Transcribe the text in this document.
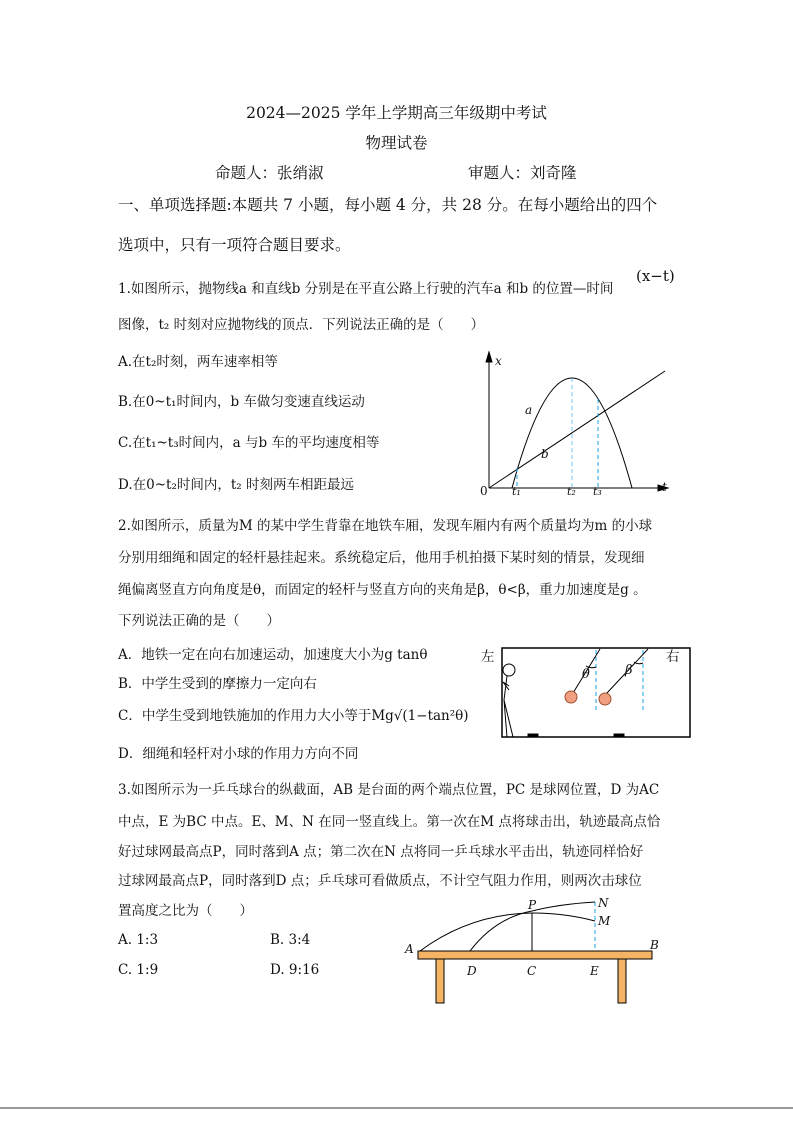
2024—2025 学年上学期高三年级期中考试
物理试卷
命题人：张绡淑	审题人：刘奇隆
一、单项选择题:本题共 7 小题，每小题 4 分，共 28 分。在每小题给出的四个
选项中，只有一项符合题目要求。
1.如图所示，抛物线a 和直线b 分别是在平直公路上行驶的汽车a 和b 的位置—时间
(x−t)
图像，t₂ 时刻对应抛物线的顶点．下列说法正确的是（　　）
A.在t₂时刻，两车速率相等
B.在0~t₁时间内，b 车做匀变速直线运动
C.在t₁~t₃时间内，a 与b 车的平均速度相等
D.在0~t₂时间内，t₂ 时刻两车相距最远
x
t
0 t₁	t₂ t₃
a
b
2.如图所示，质量为M 的某中学生背靠在地铁车厢，发现车厢内有两个质量均为m 的小球
分别用细绳和固定的轻杆悬挂起来。系统稳定后，他用手机拍摄下某时刻的情景，发现细
绳偏离竖直方向角度是θ，而固定的轻杆与竖直方向的夹角是β，θ<β，重力加速度是g 。
下列说法正确的是（　　）
A．地铁一定在向右加速运动，加速度大小为g tanθ
B．中学生受到的摩擦力一定向右
C．中学生受到地铁施加的作用力大小等于Mg√(1−tan²θ)
D．细绳和轻杆对小球的作用力方向不同
左	右
θ	β
3.如图所示为一乒乓球台的纵截面，AB 是台面的两个端点位置，PC 是球网位置，D 为AC
中点，E 为BC 中点。E、M、N 在同一竖直线上。第一次在M 点将球击出，轨迹最高点恰
好过球网最高点P，同时落到A 点；第二次在N 点将同一乒乓球水平击出，轨迹同样恰好
过球网最高点P，同时落到D 点；乒乓球可看做质点，不计空气阻力作用，则两次击球位
置高度之比为（　　）
A. 1:3	B. 3:4
C. 1:9	D. 9:16
A	B
C
D	E
P	N
M
